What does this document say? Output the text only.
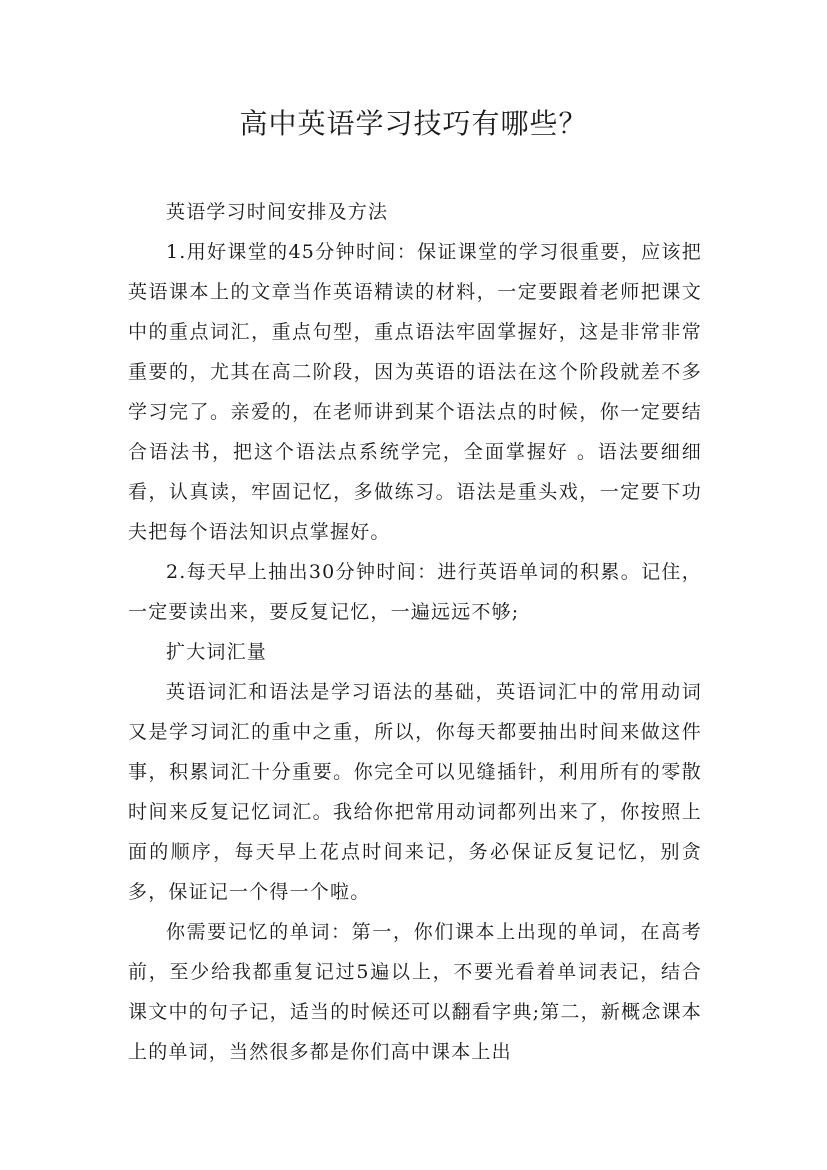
高中英语学习技巧有哪些？

英语学习时间安排及方法

1.用好课堂的45分钟时间：保证课堂的学习很重要，应该把英语课本上的文章当作英语精读的材料，一定要跟着老师把课文中的重点词汇，重点句型，重点语法牢固掌握好，这是非常非常重要的，尤其在高二阶段，因为英语的语法在这个阶段就差不多学习完了。亲爱的，在老师讲到某个语法点的时候，你一定要结合语法书，把这个语法点系统学完，全面掌握好 。语法要细细看，认真读，牢固记忆，多做练习。语法是重头戏，一定要下功夫把每个语法知识点掌握好。

2.每天早上抽出30分钟时间：进行英语单词的积累。记住，一定要读出来，要反复记忆，一遍远远不够;

扩大词汇量

英语词汇和语法是学习语法的基础，英语词汇中的常用动词又是学习词汇的重中之重，所以，你每天都要抽出时间来做这件事，积累词汇十分重要。你完全可以见缝插针，利用所有的零散时间来反复记忆词汇。我给你把常用动词都列出来了，你按照上面的顺序，每天早上花点时间来记，务必保证反复记忆，别贪多，保证记一个得一个啦。

你需要记忆的单词：第一，你们课本上出现的单词，在高考前，至少给我都重复记过5遍以上，不要光看着单词表记，结合课文中的句子记，适当的时候还可以翻看字典;第二，新概念课本上的单词，当然很多都是你们高中课本上出
